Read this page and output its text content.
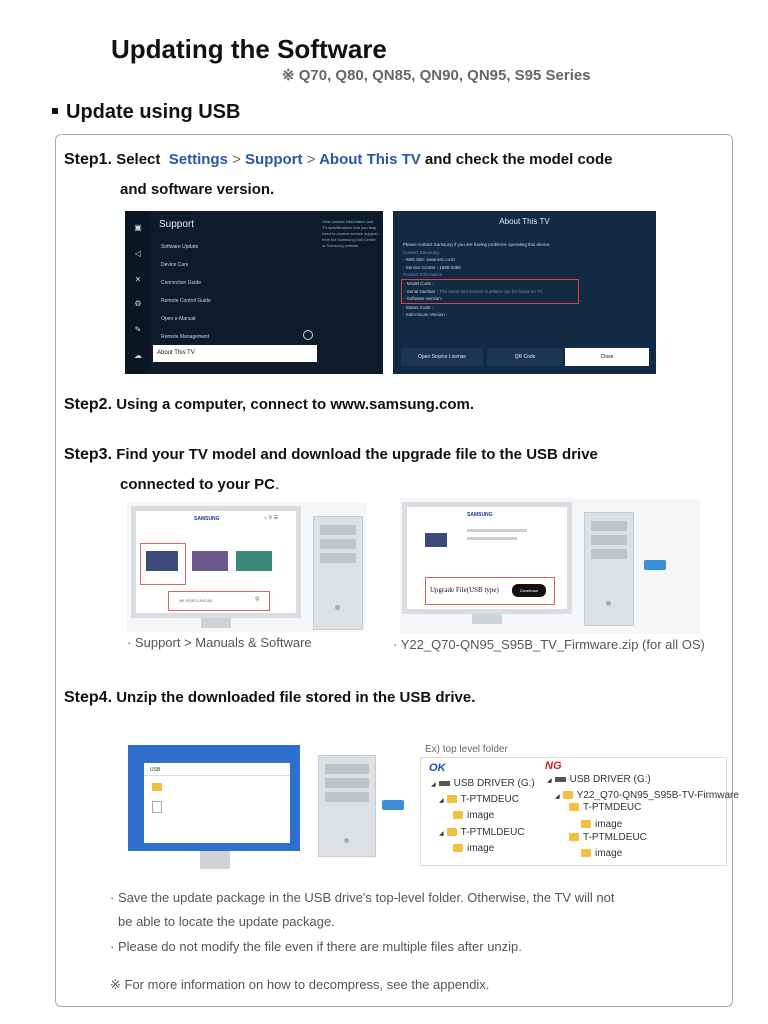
Updating the Software
※ Q70, Q80, QN85, QN90, QN95, S95 Series
Update using USB
Step1. Select Settings > Support > About This TV and check the model code
and software version.
▣
◁
✕
⚙
✎
☁
Support
Software Update
Device Care
Connection Guide
Remote Control Guide
Open e-Manual
Remote Management
About This TV
View contact information and TV specifications that you may need to receive service support from the Samsung Call Center or Samsung website.
About This TV
Please contact Samsung if you are having problems operating this device.
Contact Samsung
- Web Site: www.sec.co.kr
- Service Center : 1588-3366
Product Information
- Model Code :
- Serial Number : The serial and version numbers can be found on TV.
- Software Version :
- Status Code :
- Sub-micom Version :
Open Source License	QR Code	Close
Step2. Using a computer, connect to www.samsung.com.
Step3. Find your TV model and download the upgrade file to the USB drive
connected to your PC.
SAMSUNG	⌂ ⚲ ☰
NE-FE0E-LRA7AS	⚲
· Support > Manuals & Software
SAMSUNG
Upgrade File(USB type)	Download
· Y22_Q70-QN95_S95B_TV_Firmware.zip (for all OS)
Step4. Unzip the downloaded file stored in the USB drive.
USB
Ex) top level folder
OK	NG
◢ USB DRIVER (G:)
◢ T-PTMDEUC
image
◢ T-PTMLDEUC
image
◢ USB DRIVER (G:)
◢ Y22_Q70-QN95_S95B-TV-Firmware
T-PTMDEUC
image
T-PTMLDEUC
image
· Save the update package in the USB drive's top-level folder. Otherwise, the TV will not
be able to locate the update package.
· Please do not modify the file even if there are multiple files after unzip.
※ For more information on how to decompress, see the appendix.
